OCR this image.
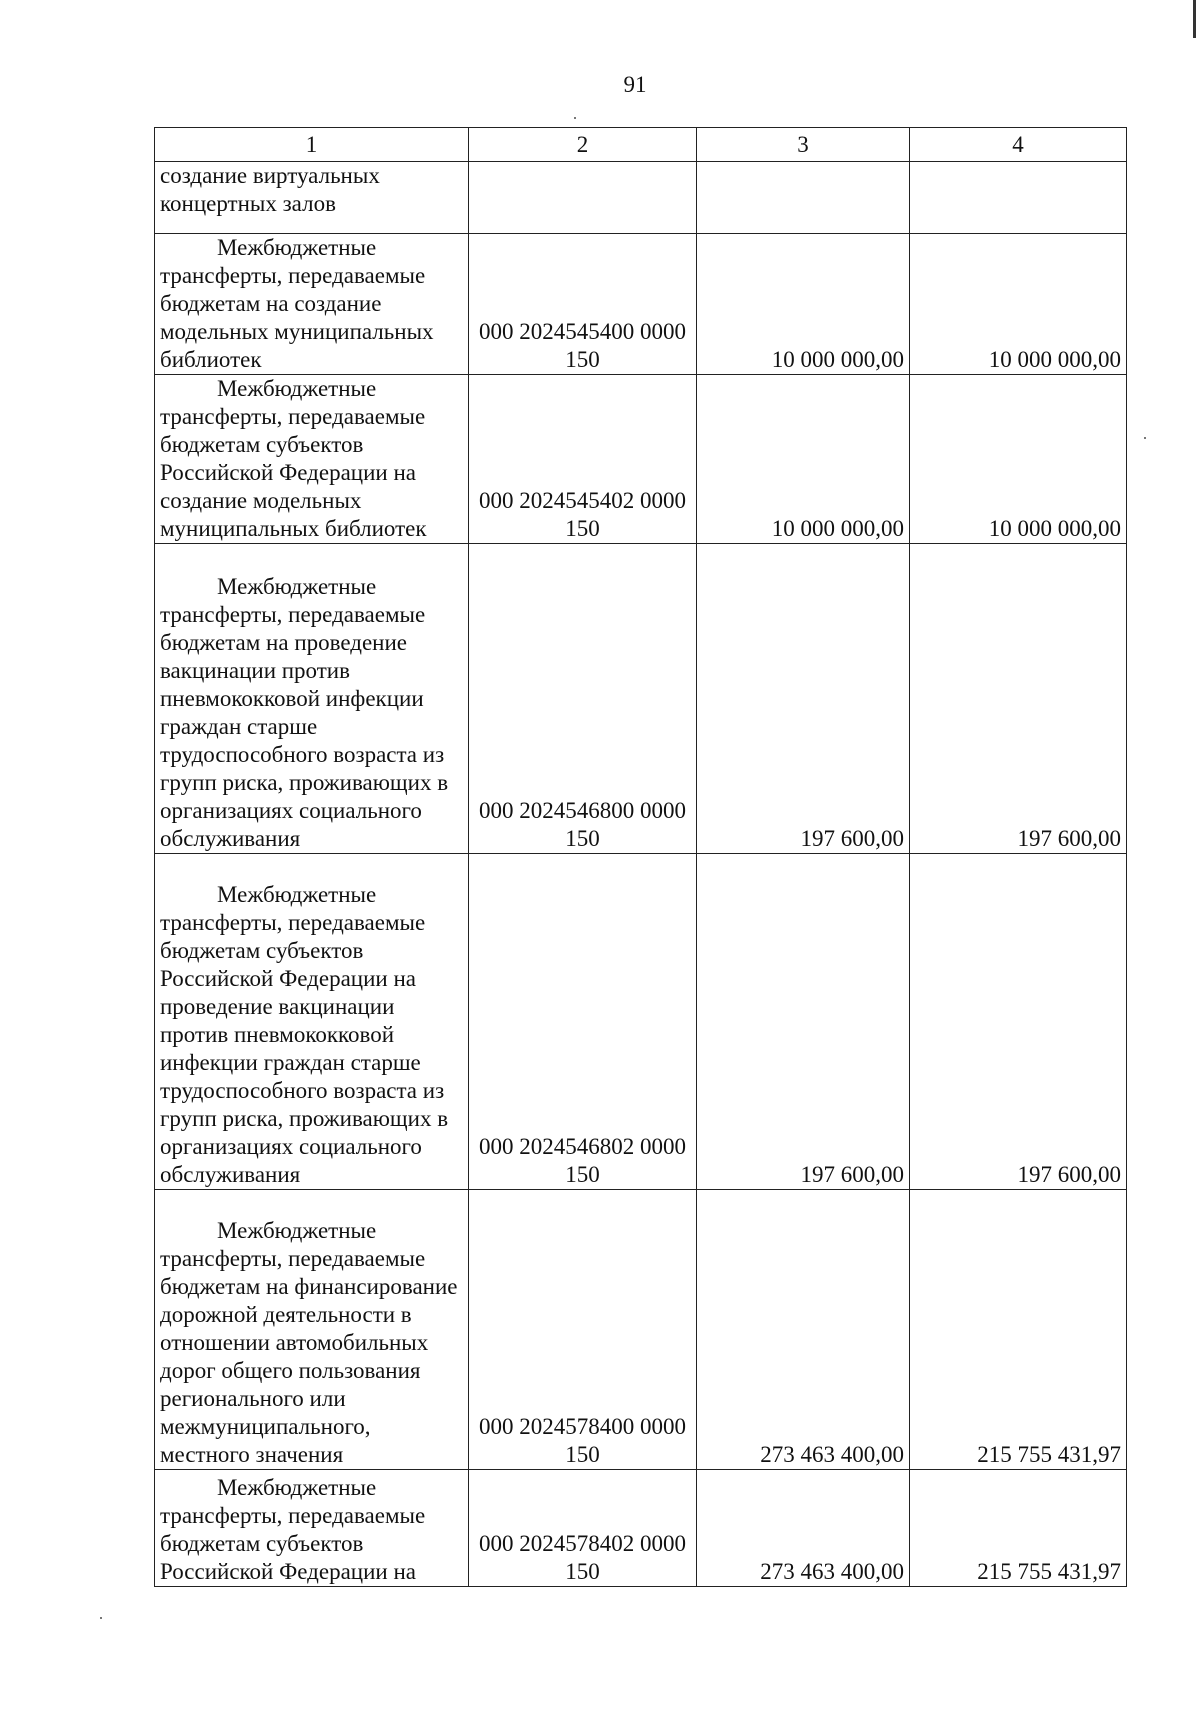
91
1	2	3	4
создание виртуальных концертных залов			

Межбюджетные
трансферты, передаваемые бюджетам на создание модельных муниципальных библиотек	000 2024545400 0000 150	10 000 000,00	10 000 000,00

Межбюджетные
трансферты, передаваемые бюджетам субъектов Российской Федерации на создание модельных муниципальных библиотек	000 2024545402 0000 150	10 000 000,00	10 000 000,00

Межбюджетные
трансферты, передаваемые бюджетам на проведение вакцинации против пневмококковой инфекции граждан старше трудоспособного возраста из групп риска, проживающих в организациях социального обслуживания	000 2024546800 0000 150	197 600,00	197 600,00

Межбюджетные
трансферты, передаваемые бюджетам субъектов Российской Федерации на проведение вакцинации против пневмококковой инфекции граждан старше трудоспособного возраста из групп риска, проживающих в организациях социального обслуживания	000 2024546802 0000 150	197 600,00	197 600,00

Межбюджетные
трансферты, передаваемые бюджетам на финансирование дорожной деятельности в отношении автомобильных дорог общего пользования регионального или межмуниципального, местного значения	000 2024578400 0000 150	273 463 400,00	215 755 431,97

Межбюджетные
трансферты, передаваемые бюджетам субъектов Российской Федерации на	000 2024578402 0000 150	273 463 400,00	215 755 431,97
